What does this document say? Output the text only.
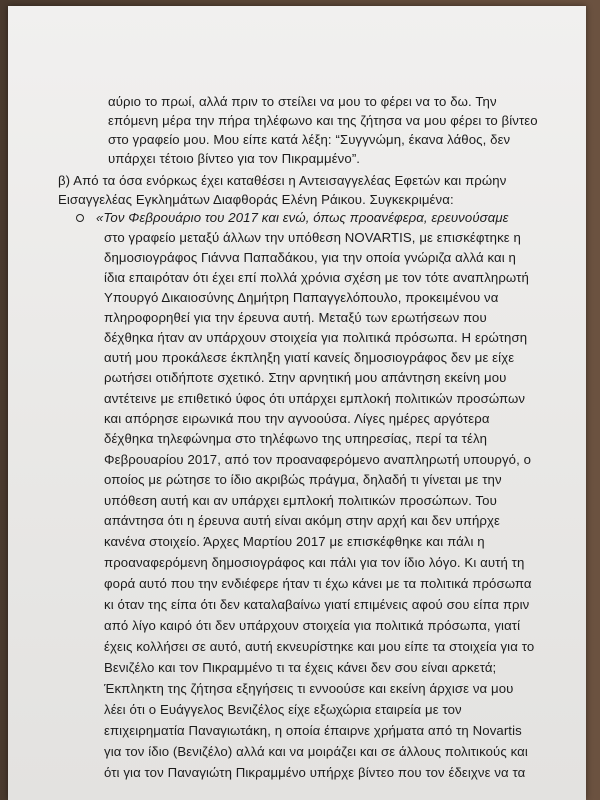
αύριο το πρωί, αλλά πριν το στείλει να μου το φέρει να το δω. Την
επόμενη μέρα την πήρα τηλέφωνο και της ζήτησα να μου φέρει το βίντεο
στο γραφείο μου. Μου είπε κατά λέξη: “Συγγνώμη, έκανα λάθος, δεν
υπάρχει τέτοιο βίντεο για τον Πικραμμένο”.
β) Από τα όσα ενόρκως έχει καταθέσει η Αντεισαγγελέας Εφετών και πρώην
Εισαγγελέας Εγκλημάτων Διαφθοράς Ελένη Ράικου. Συγκεκριμένα:
«Τον Φεβρουάριο του 2017 και ενώ, όπως προανέφερα, ερευνούσαμε
στο γραφείο μεταξύ άλλων την υπόθεση NOVARTIS, με επισκέφτηκε η
δημοσιογράφος Γιάννα Παπαδάκου, για την οποία γνώριζα αλλά και η
ίδια επαιρόταν ότι έχει επί πολλά χρόνια σχέση με τον τότε αναπληρωτή
Υπουργό Δικαιοσύνης Δημήτρη Παπαγγελόπουλο, προκειμένου να
πληροφορηθεί για την έρευνα αυτή. Μεταξύ των ερωτήσεων που
δέχθηκα ήταν αν υπάρχουν στοιχεία για πολιτικά πρόσωπα. Η ερώτηση
αυτή μου προκάλεσε έκπληξη γιατί κανείς δημοσιογράφος δεν με είχε
ρωτήσει οτιδήποτε σχετικό. Στην αρνητική μου απάντηση εκείνη μου
αντέτεινε με επιθετικό ύφος ότι υπάρχει εμπλοκή πολιτικών προσώπων
και απόρησε ειρωνικά που την αγνοούσα. Λίγες ημέρες αργότερα
δέχθηκα τηλεφώνημα στο τηλέφωνο της υπηρεσίας, περί τα τέλη
Φεβρουαρίου 2017, από τον προαναφερόμενο αναπληρωτή υπουργό, ο
οποίος με ρώτησε το ίδιο ακριβώς πράγμα, δηλαδή τι γίνεται με την
υπόθεση αυτή και αν υπάρχει εμπλοκή πολιτικών προσώπων. Του
απάντησα ότι η έρευνα αυτή είναι ακόμη στην αρχή και δεν υπήρχε
κανένα στοιχείο. Άρχες Μαρτίου 2017 με επισκέφθηκε και πάλι η
προαναφερόμενη δημοσιογράφος και πάλι για τον ίδιο λόγο. Κι αυτή τη
φορά αυτό που την ενδιέφερε ήταν τι έχω κάνει με τα πολιτικά πρόσωπα
κι όταν της είπα ότι δεν καταλαβαίνω γιατί επιμένεις αφού σου είπα πριν
από λίγο καιρό ότι δεν υπάρχουν στοιχεία για πολιτικά πρόσωπα, γιατί
έχεις κολλήσει σε αυτό, αυτή εκνευρίστηκε και μου είπε τα στοιχεία για το
Βενιζέλο και τον Πικραμμένο τι τα έχεις κάνει δεν σου είναι αρκετά;
Έκπληκτη της ζήτησα εξηγήσεις τι εννοούσε και εκείνη άρχισε να μου
λέει ότι ο Ευάγγελος Βενιζέλος είχε εξωχώρια εταιρεία με τον
επιχειρηματία Παναγιωτάκη, η οποία έπαιρνε χρήματα από τη Novartis
για τον ίδιο (Βενιζέλο) αλλά και να μοιράζει και σε άλλους πολιτικούς και
ότι για τον Παναγιώτη Πικραμμένο υπήρχε βίντεο που τον έδειχνε να τα
